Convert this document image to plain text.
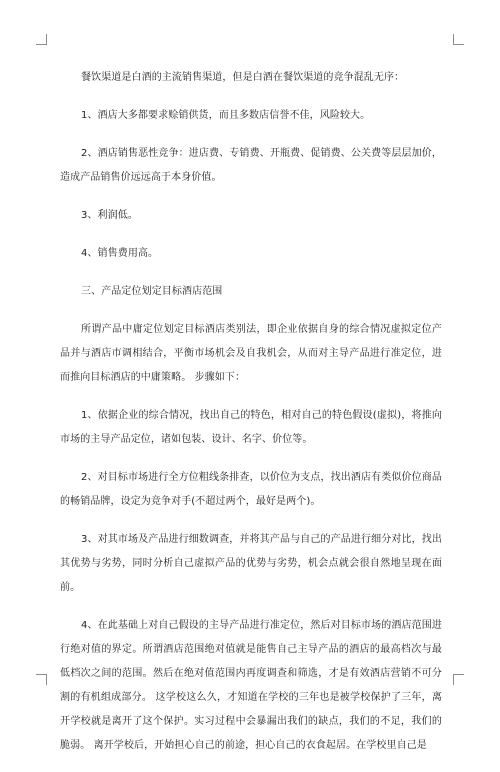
餐饮渠道是白酒的主流销售渠道，但是白酒在餐饮渠道的竞争混乱无序：

1、酒店大多都要求赊销供货，而且多数店信誉不佳，风险较大。

2、酒店销售恶性竞争：进店费、专销费、开瓶费、促销费、公关费等层层加价，造成产品销售价远远高于本身价值。

3、利润低。

4、销售费用高。

三、产品定位划定目标酒店范围

所谓产品中庸定位划定目标酒店类别法，即企业依据自身的综合情况虚拟定位产品并与酒店市调相结合，平衡市场机会及自我机会，从而对主导产品进行准定位，进而推向目标酒店的中庸策略。 步骤如下：

1、依据企业的综合情况，找出自己的特色，相对自己的特色假设(虚拟)，将推向市场的主导产品定位，诸如包装、设计、名字、价位等。

2、对目标市场进行全方位粗线条排查，以价位为支点，找出酒店有类似价位商品的畅销品牌，设定为竞争对手(不超过两个，最好是两个)。

3、对其市场及产品进行细数调查，并将其产品与自己的产品进行细分对比，找出其优势与劣势，同时分析自己虚拟产品的优势与劣势，机会点就会很自然地呈现在面前。

4、在此基础上对自己假设的主导产品进行准定位，然后对目标市场的酒店范围进行绝对值的界定。所谓酒店范围绝对值就是能售自己主导产品的酒店的最高档次与最低档次之间的范围。然后在绝对值范围内再度调查和筛选，才是有效酒店营销不可分割的有机组成部分。 这学校这么久，才知道在学校的三年也是被学校保护了三年，离开学校就是离开了这个保护。实习过程中会暴漏出我们的缺点，我们的不足，我们的脆弱。 离开学校后，开始担心自己的前途，担心自己的衣食起居。在学校里自己是
